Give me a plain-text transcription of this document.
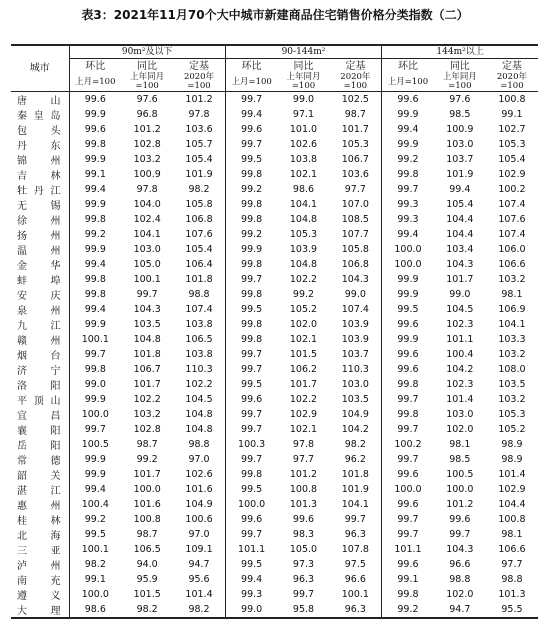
表3：2021年11月70个大中城市新建商品住宅销售价格分类指数（二）
城市	90m²及以下			90-144m²			144m²以上		
	环比	同比	定基	环比	同比	定基	环比	同比	定基
	上月=100	上年同月=100	2020年=100	上月=100	上年同月=100	2020年=100	上月=100	上年同月=100	2020年=100
唐山	99.6	97.6	101.2	99.7	99.0	102.5	99.6	97.6	100.8
秦皇岛	99.9	96.8	97.8	99.4	97.1	98.7	99.9	98.5	99.1
包头	99.6	101.2	103.6	99.6	101.0	101.7	99.4	100.9	102.7
丹东	99.8	102.8	105.7	99.7	102.6	105.3	99.9	103.0	105.3
锦州	99.9	103.2	105.4	99.5	103.8	106.7	99.2	103.7	105.4
吉林	99.1	100.9	101.9	99.8	102.1	103.6	99.8	101.9	102.9
牡丹江	99.4	97.8	98.2	99.2	98.6	97.7	99.7	99.4	100.2
无锡	99.9	104.0	105.8	99.8	104.1	107.0	99.3	105.4	107.4
徐州	99.8	102.4	106.8	99.8	104.8	108.5	99.3	104.4	107.6
扬州	99.2	104.1	107.6	99.2	105.3	107.7	99.4	104.4	107.4
温州	99.9	103.0	105.4	99.9	103.9	105.8	100.0	103.4	106.0
金华	99.4	105.0	106.4	99.8	104.8	106.8	100.0	104.3	106.6
蚌埠	99.8	100.1	101.8	99.7	102.2	104.3	99.9	101.7	103.2
安庆	99.8	99.7	98.8	99.8	99.2	99.0	99.9	99.0	98.1
泉州	99.4	104.3	107.4	99.5	105.2	107.4	99.5	104.5	106.9
九江	99.9	103.5	103.8	99.8	102.0	103.9	99.6	102.3	104.1
赣州	100.1	104.8	106.5	99.8	102.1	103.9	99.9	101.1	103.3
烟台	99.7	101.8	103.8	99.7	101.5	103.7	99.6	100.4	103.2
济宁	99.8	106.7	110.3	99.7	106.2	110.3	99.6	104.2	108.0
洛阳	99.0	101.7	102.2	99.5	101.7	103.0	99.8	102.3	103.5
平顶山	99.9	102.2	104.5	99.6	102.2	103.5	99.7	101.4	103.2
宜昌	100.0	103.2	104.8	99.7	102.9	104.9	99.8	103.0	105.3
襄阳	99.7	102.8	104.8	99.7	102.1	104.2	99.7	102.0	105.2
岳阳	100.5	98.7	98.8	100.3	97.8	98.2	100.2	98.1	98.9
常德	99.9	99.2	97.0	99.7	97.7	96.2	99.7	98.5	98.9
韶关	99.9	101.7	102.6	99.8	101.2	101.8	99.6	100.5	101.4
湛江	99.4	100.0	101.6	99.5	100.8	101.9	100.0	100.0	102.9
惠州	100.4	101.6	104.9	100.0	101.3	104.1	99.6	101.2	104.4
桂林	99.2	100.8	100.6	99.6	99.6	99.7	99.7	99.6	100.8
北海	99.5	98.7	97.0	99.7	98.3	96.3	99.7	99.7	98.1
三亚	100.1	106.5	109.1	101.1	105.0	107.8	101.1	104.3	106.6
泸州	98.2	94.0	94.7	99.5	97.3	97.5	99.6	96.6	97.7
南充	99.1	95.9	95.6	99.4	96.3	96.6	99.1	98.8	98.8
遵义	100.0	101.5	101.4	99.3	99.7	100.1	99.8	102.0	101.3
大理	98.6	98.2	98.2	99.0	95.8	96.3	99.2	94.7	95.5
